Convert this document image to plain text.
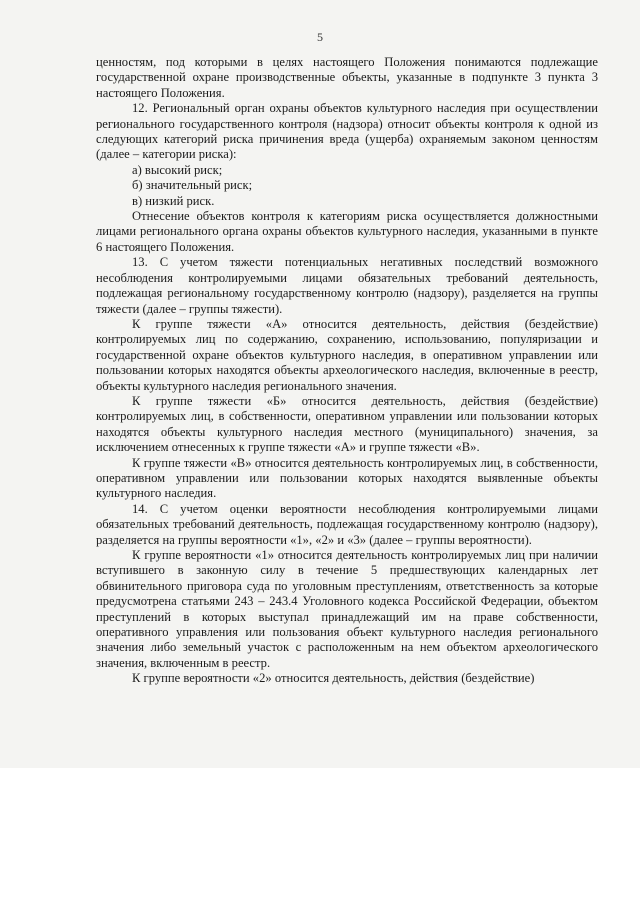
5

ценностям, под которыми в целях настоящего Положения понимаются подлежащие государственной охране производственные объекты, указанные в подпункте 3 пункта 3 настоящего Положения.

12. Региональный орган охраны объектов культурного наследия при осуществлении регионального государственного контроля (надзора) относит объекты контроля к одной из следующих категорий риска причинения вреда (ущерба) охраняемым законом ценностям (далее – категории риска):

а) высокий риск;

б) значительный риск;

в) низкий риск.

Отнесение объектов контроля к категориям риска осуществляется должностными лицами регионального органа охраны объектов культурного наследия, указанными в пункте 6 настоящего Положения.

13. С учетом тяжести потенциальных негативных последствий возможного несоблюдения контролируемыми лицами обязательных требований деятельность, подлежащая региональному государственному контролю (надзору), разделяется на группы тяжести (далее – группы тяжести).

К группе тяжести «А» относится деятельность, действия (бездействие) контролируемых лиц по содержанию, сохранению, использованию, популяризации и государственной охране объектов культурного наследия, в оперативном управлении или пользовании которых находятся объекты археологического наследия, включенные в реестр, объекты культурного наследия регионального значения.

К группе тяжести «Б» относится деятельность, действия (бездействие) контролируемых лиц, в собственности, оперативном управлении или пользовании которых находятся объекты культурного наследия местного (муниципального) значения, за исключением отнесенных к группе тяжести «А» и группе тяжести «В».

К группе тяжести «В» относится деятельность контролируемых лиц, в собственности, оперативном управлении или пользовании которых находятся выявленные объекты культурного наследия.

14. С учетом оценки вероятности несоблюдения контролируемыми лицами обязательных требований деятельность, подлежащая государственному контролю (надзору), разделяется на группы вероятности «1», «2» и «3» (далее – группы вероятности).

К группе вероятности «1» относится деятельность контролируемых лиц при наличии вступившего в законную силу в течение 5 предшествующих календарных лет обвинительного приговора суда по уголовным преступлениям, ответственность за которые предусмотрена статьями 243 – 243.4 Уголовного кодекса Российской Федерации, объектом преступлений в которых выступал принадлежащий им на праве собственности, оперативного управления или пользования объект культурного наследия регионального значения либо земельный участок с расположенным на нем объектом археологического значения, включенным в реестр.

К группе вероятности «2» относится деятельность, действия (бездействие)
